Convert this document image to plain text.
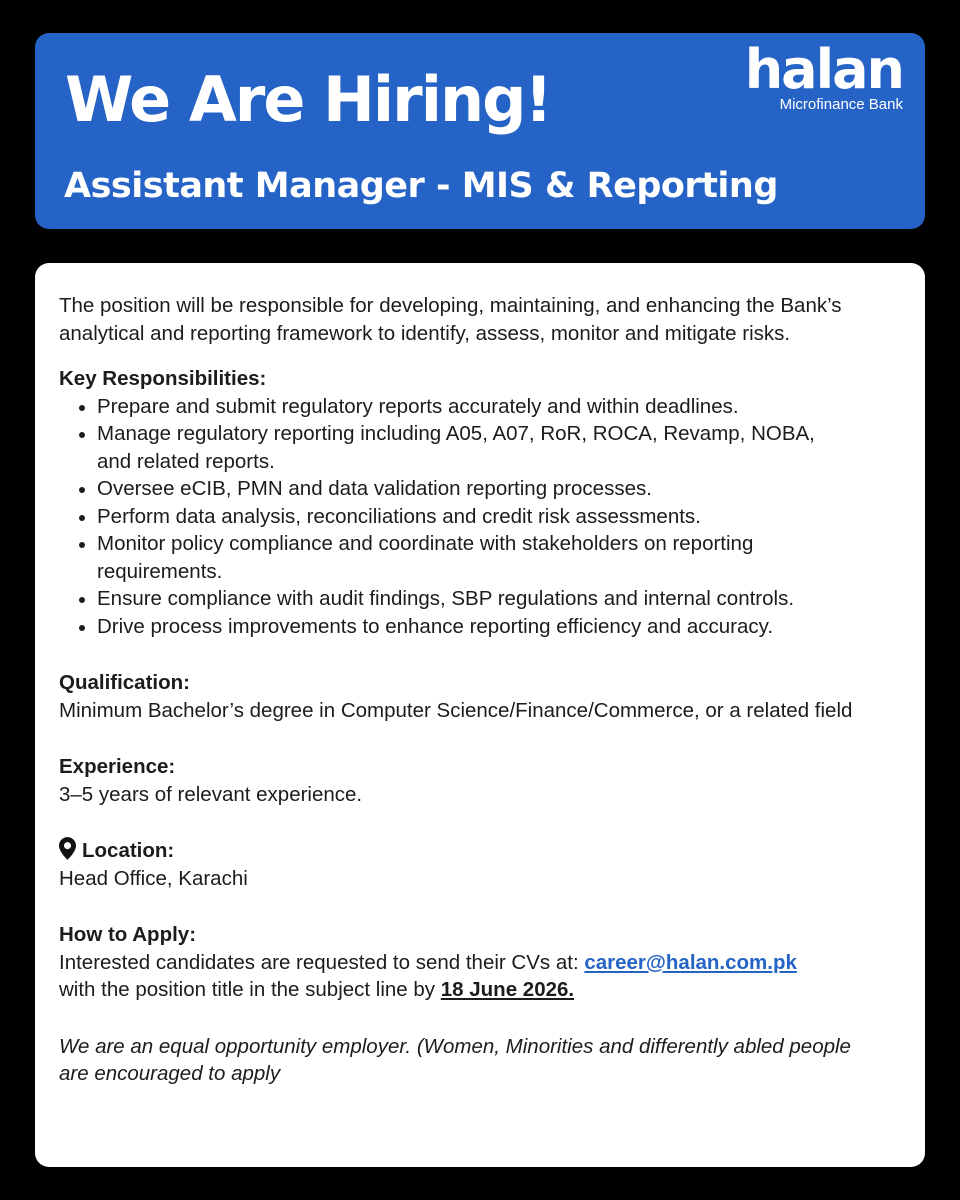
We Are Hiring!
Assistant Manager - MIS & Reporting
halan
Microfinance Bank

The position will be responsible for developing, maintaining, and enhancing the Bank’s analytical and reporting framework to identify, assess, monitor and mitigate risks.

Key Responsibilities:
• Prepare and submit regulatory reports accurately and within deadlines.
• Manage regulatory reporting including A05, A07, RoR, ROCA, Revamp, NOBA, and related reports.
• Oversee eCIB, PMN and data validation reporting processes.
• Perform data analysis, reconciliations and credit risk assessments.
• Monitor policy compliance and coordinate with stakeholders on reporting requirements.
• Ensure compliance with audit findings, SBP regulations and internal controls.
• Drive process improvements to enhance reporting efficiency and accuracy.
Qualification:

Minimum Bachelor’s degree in Computer Science/Finance/Commerce, or a related field

Experience:

3–5 years of relevant experience.

Location:

Head Office, Karachi

How to Apply:

Interested candidates are requested to send their CVs at: career@halan.com.pk
with the position title in the subject line by 18 June 2026.

We are an equal opportunity employer. (Women, Minorities and differently abled people are encouraged to apply
